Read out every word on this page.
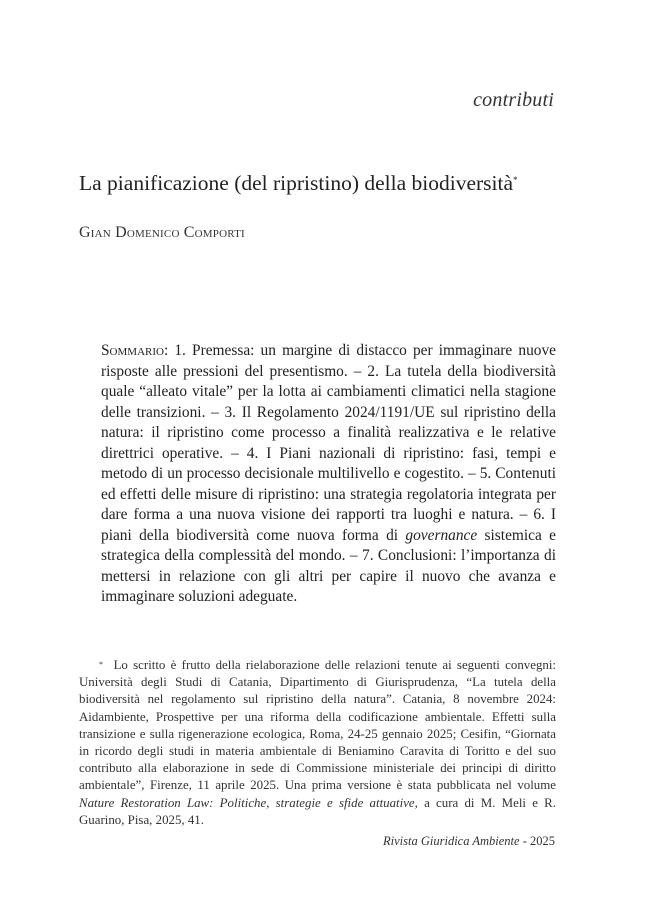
contributi
La pianificazione (del ripristino) della biodiversità*
Gian Domenico Comporti

Sommario: 1. Premessa: un margine di distacco per immaginare nuove risposte alle pressioni del presentismo. – 2. La tutela della biodiversità quale “alleato vitale” per la lotta ai cambiamenti climatici nella stagione delle transizioni. – 3. Il Regolamento 2024/1191/UE sul ripristino della natura: il ripristino come processo a finalità realizzativa e le relative direttrici operative. – 4. I Piani nazionali di ripristino: fasi, tempi e metodo di un processo decisionale multilivello e cogestito. – 5. Contenuti ed effetti delle misure di ripristino: una strategia regolatoria integrata per dare forma a una nuova visione dei rapporti tra luoghi e natura. – 6. I piani della biodiversità come nuova forma di governance sistemica e strategica della complessità del mondo. – 7. Conclusioni: l’importanza di mettersi in relazione con gli altri per capire il nuovo che avanza e immaginare soluzioni adeguate.

* Lo scritto è frutto della rielaborazione delle relazioni tenute ai seguenti convegni: Università degli Studi di Catania, Dipartimento di Giurisprudenza, “La tutela della biodiversità nel regolamento sul ripristino della natura”. Catania, 8 novembre 2024: Aidambiente, Prospettive per una riforma della codificazione ambientale. Effetti sulla transizione e sulla rigenerazione ecologica, Roma, 24-25 gennaio 2025; Cesifin, “Giornata in ricordo degli studi in materia ambientale di Beniamino Caravita di Toritto e del suo contributo alla elaborazione in sede di Commissione ministeriale dei principi di diritto ambientale”, Firenze, 11 aprile 2025. Una prima versione è stata pubblicata nel volume Nature Restoration Law: Politiche, strategie e sfide attuative, a cura di M. Meli e R. Guarino, Pisa, 2025, 41.

Rivista Giuridica Ambiente - 2025
